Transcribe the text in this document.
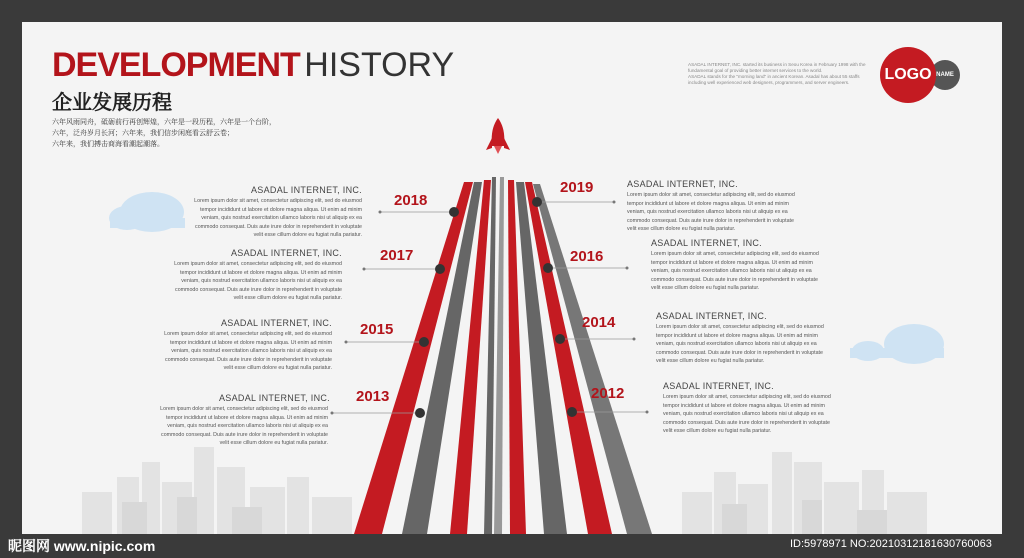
DEVELOPMENT HISTORY
企业发展历程
六年风雨同舟，砥砺前行再创辉煌，六年是一段历程，六年是一个台阶，
六年，泛舟岁月长河；六年来，我们信步闲庭看云舒云卷；
六年来，我们搏击商海看潮起潮落。
ASADAL INTERNET, INC. started its business in Seou Korea in February 1998 with the
fundamental goal of providing better internet services to the world.
ASADAL stands for the "morning land" in ancient Korean. Asadal has about 55 staffs
including well experienced web designers, programmers, and server engineers.
NAME
LOGO
ASADAL INTERNET, INC.
Lorem ipsum dolor sit amet, consectetur adipiscing elit, sed do eiusmod
tempor incididunt ut labore et dolore magna aliqua. Ut enim ad minim
veniam, quis nostrud exercitation ullamco laboris nisi ut aliquip ex ea
commodo consequat. Duis aute irure dolor in reprehenderit in voluptate
velit esse cillum dolore eu fugiat nulla pariatur.
2018
ASADAL INTERNET, INC.
Lorem ipsum dolor sit amet, consectetur adipiscing elit, sed do eiusmod
tempor incididunt ut labore et dolore magna aliqua. Ut enim ad minim
veniam, quis nostrud exercitation ullamco laboris nisi ut aliquip ex ea
commodo consequat. Duis aute irure dolor in reprehenderit in voluptate
velit esse cillum dolore eu fugiat nulla pariatur.
2017
ASADAL INTERNET, INC.
Lorem ipsum dolor sit amet, consectetur adipiscing elit, sed do eiusmod
tempor incididunt ut labore et dolore magna aliqua. Ut enim ad minim
veniam, quis nostrud exercitation ullamco laboris nisi ut aliquip ex ea
commodo consequat. Duis aute irure dolor in reprehenderit in voluptate
velit esse cillum dolore eu fugiat nulla pariatur.
2015
ASADAL INTERNET, INC.
Lorem ipsum dolor sit amet, consectetur adipiscing elit, sed do eiusmod
tempor incididunt ut labore et dolore magna aliqua. Ut enim ad minim
veniam, quis nostrud exercitation ullamco laboris nisi ut aliquip ex ea
commodo consequat. Duis aute irure dolor in reprehenderit in voluptate
velit esse cillum dolore eu fugiat nulla pariatur.
2013
2019	ASADAL INTERNET, INC.
Lorem ipsum dolor sit amet, consectetur adipiscing elit, sed do eiusmod
tempor incididunt ut labore et dolore magna aliqua. Ut enim ad minim
veniam, quis nostrud exercitation ullamco laboris nisi ut aliquip ex ea
commodo consequat. Duis aute irure dolor in reprehenderit in voluptate
velit esse cillum dolore eu fugiat nulla pariatur.
2016
ASADAL INTERNET, INC.
Lorem ipsum dolor sit amet, consectetur adipiscing elit, sed do eiusmod
tempor incididunt ut labore et dolore magna aliqua. Ut enim ad minim
veniam, quis nostrud exercitation ullamco laboris nisi ut aliquip ex ea
commodo consequat. Duis aute irure dolor in reprehenderit in voluptate
velit esse cillum dolore eu fugiat nulla pariatur.
2014	ASADAL INTERNET, INC.
Lorem ipsum dolor sit amet, consectetur adipiscing elit, sed do eiusmod
tempor incididunt ut labore et dolore magna aliqua. Ut enim ad minim
veniam, quis nostrud exercitation ullamco laboris nisi ut aliquip ex ea
commodo consequat. Duis aute irure dolor in reprehenderit in voluptate
velit esse cillum dolore eu fugiat nulla pariatur.
2012	ASADAL INTERNET, INC.
Lorem ipsum dolor sit amet, consectetur adipiscing elit, sed do eiusmod
tempor incididunt ut labore et dolore magna aliqua. Ut enim ad minim
veniam, quis nostrud exercitation ullamco laboris nisi ut aliquip ex ea
commodo consequat. Duis aute irure dolor in reprehenderit in voluptate
velit esse cillum dolore eu fugiat nulla pariatur.
昵图网 www.nipic.com	ID:5978971 NO:20210312181630760063
